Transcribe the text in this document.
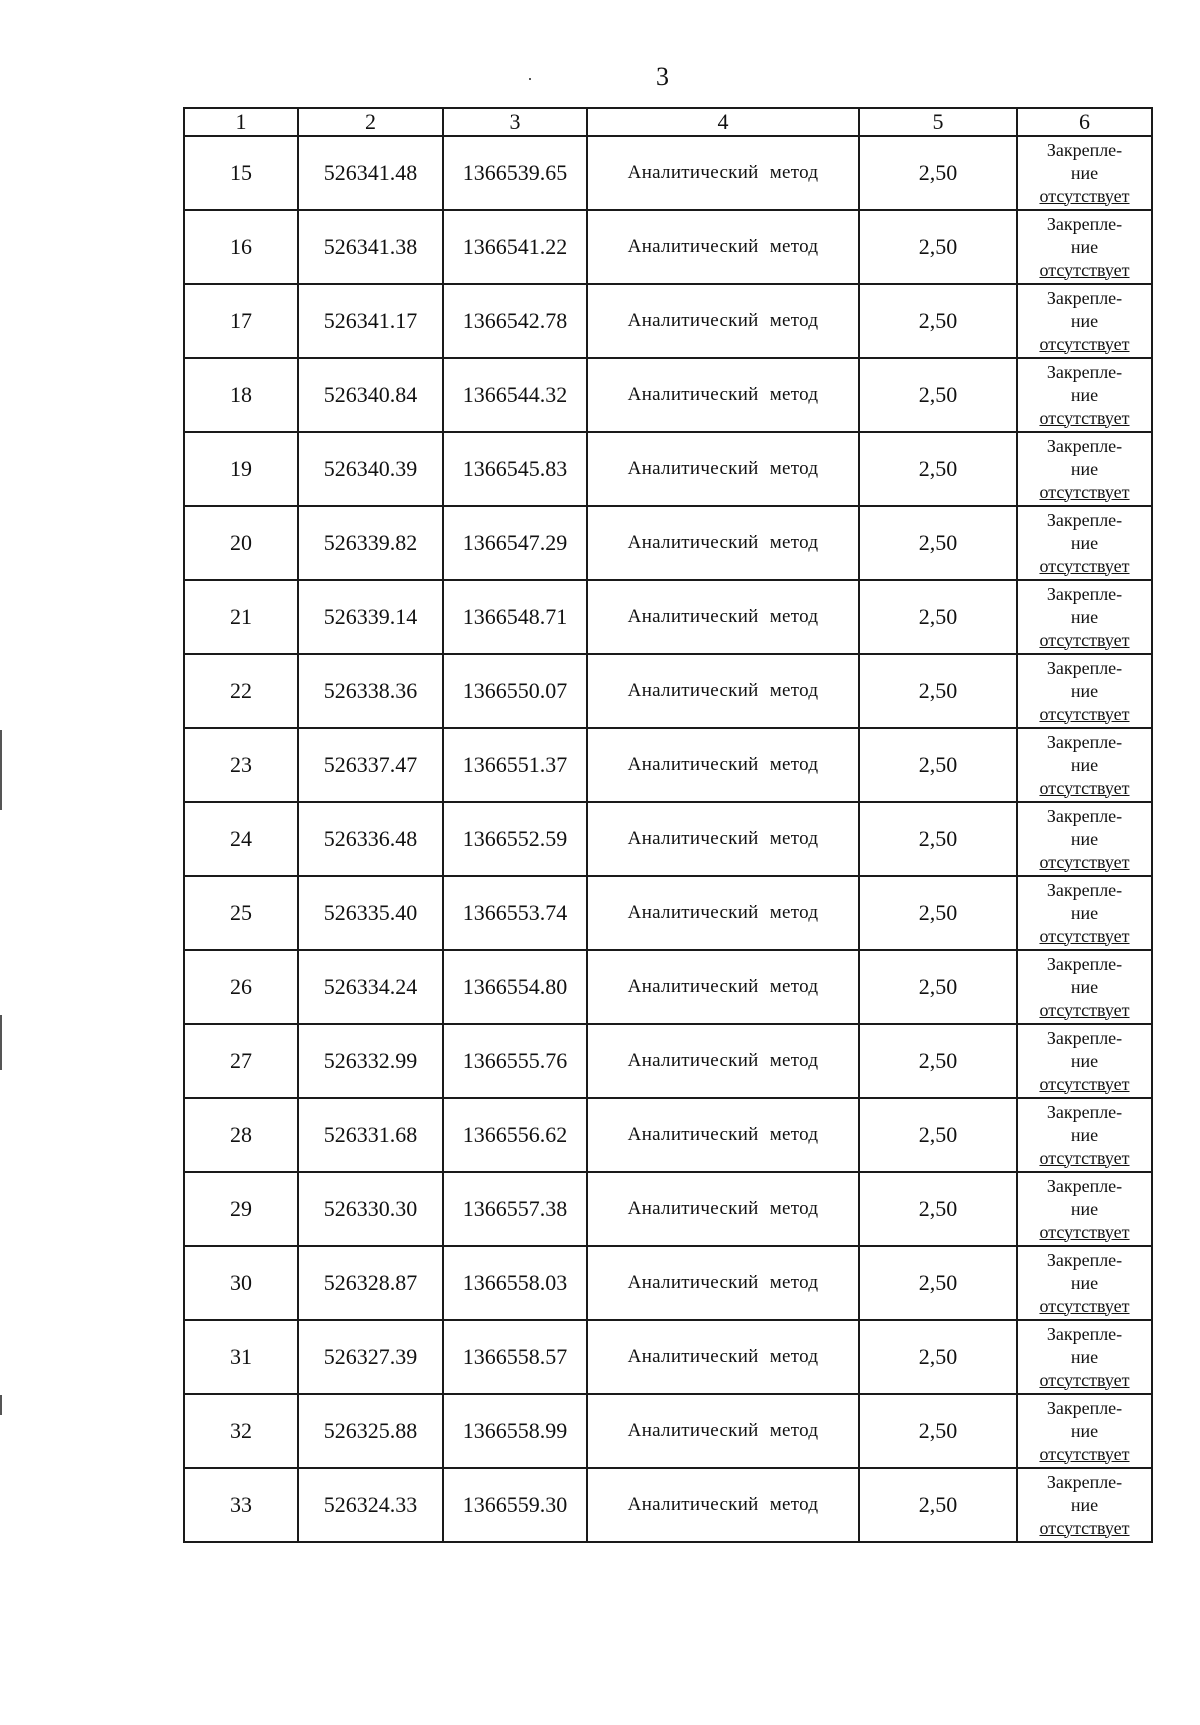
3
1	2	3	4	5	6
15	526341.48	1366539.65	Аналитический метод	2,50	Закрепле-
ние
отсутствует

16	526341.38	1366541.22	Аналитический метод	2,50	Закрепле-
ние
отсутствует

17	526341.17	1366542.78	Аналитический метод	2,50	Закрепле-
ние
отсутствует

18	526340.84	1366544.32	Аналитический метод	2,50	Закрепле-
ние
отсутствует

19	526340.39	1366545.83	Аналитический метод	2,50	Закрепле-
ние
отсутствует

20	526339.82	1366547.29	Аналитический метод	2,50	Закрепле-
ние
отсутствует

21	526339.14	1366548.71	Аналитический метод	2,50	Закрепле-
ние
отсутствует

22	526338.36	1366550.07	Аналитический метод	2,50	Закрепле-
ние
отсутствует

23	526337.47	1366551.37	Аналитический метод	2,50	Закрепле-
ние
отсутствует

24	526336.48	1366552.59	Аналитический метод	2,50	Закрепле-
ние
отсутствует

25	526335.40	1366553.74	Аналитический метод	2,50	Закрепле-
ние
отсутствует

26	526334.24	1366554.80	Аналитический метод	2,50	Закрепле-
ние
отсутствует

27	526332.99	1366555.76	Аналитический метод	2,50	Закрепле-
ние
отсутствует

28	526331.68	1366556.62	Аналитический метод	2,50	Закрепле-
ние
отсутствует

29	526330.30	1366557.38	Аналитический метод	2,50	Закрепле-
ние
отсутствует

30	526328.87	1366558.03	Аналитический метод	2,50	Закрепле-
ние
отсутствует

31	526327.39	1366558.57	Аналитический метод	2,50	Закрепле-
ние
отсутствует

32	526325.88	1366558.99	Аналитический метод	2,50	Закрепле-
ние
отсутствует

33	526324.33	1366559.30	Аналитический метод	2,50	Закрепле-
ние
отсутствует
